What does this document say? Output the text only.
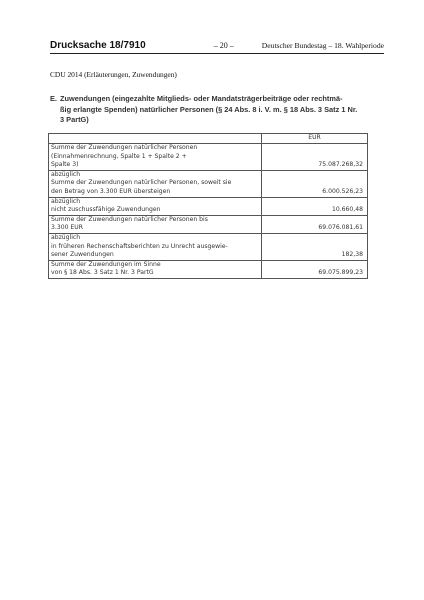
Drucksache 18/7910	– 20 –	Deutscher Bundestag – 18. Wahlperiode
CDU 2014 (Erläuterungen, Zuwendungen)
E. Zuwendungen (eingezahlte Mitglieds- oder Mandatsträgerbeiträge oder rechtmä-
ßig erlangte Spenden) natürlicher Personen (§ 24 Abs. 8 i. V. m. § 18 Abs. 3 Satz 1 Nr.
3 PartG)
	EUR

Summe der Zuwendungen natürlicher Personen
(Einnahmenrechnung, Spalte 1 + Spalte 2 +
Spalte 3)	75.087.268,32

abzüglich
Summe der Zuwendungen natürlicher Personen, soweit sie
den Betrag von 3.300 EUR übersteigen	6.000.526,23

abzüglich
nicht zuschussfähige Zuwendungen	10.660,48

Summe der Zuwendungen natürlicher Personen bis
3.300 EUR	69.076.081,61

abzüglich
in früheren Rechenschaftsberichten zu Unrecht ausgewie-
sener Zuwendungen	182,38

Summe der Zuwendungen im Sinne
von § 18 Abs. 3 Satz 1 Nr. 3 PartG	69.075.899,23
